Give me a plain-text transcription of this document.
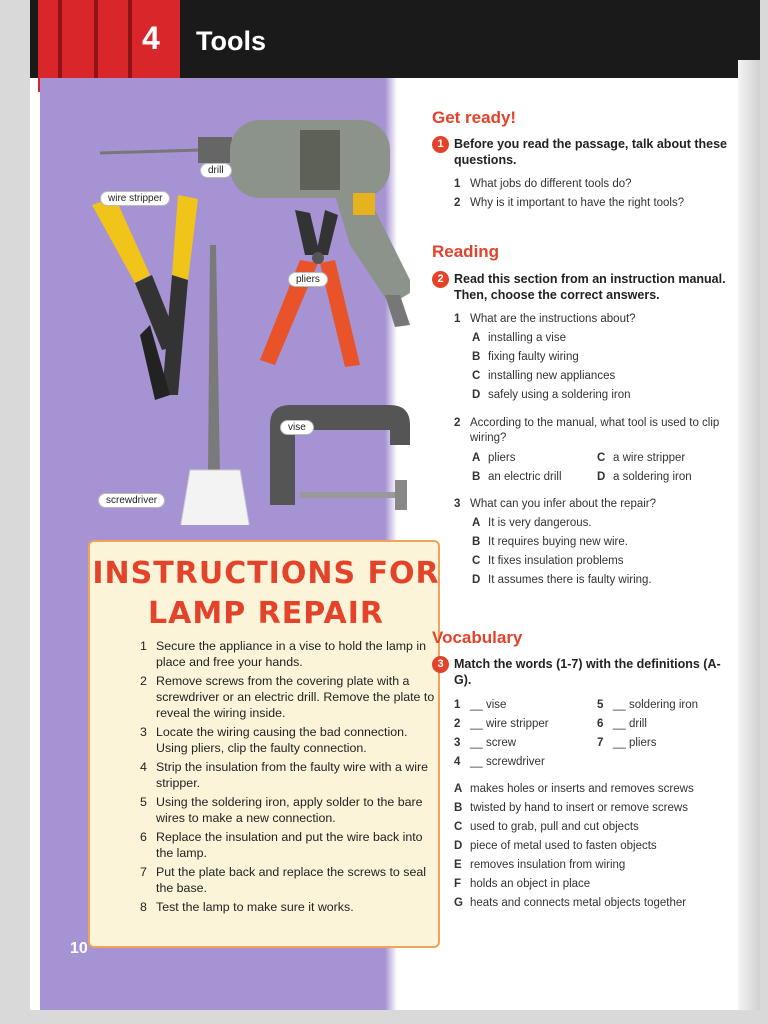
4 Tools
drill
wire stripper
pliers
vise
screwdriver
INSTRUCTIONS FOR
LAMP REPAIR
1 Secure the appliance in a vise to hold the lamp in place and free your hands.
2 Remove screws from the covering plate with a screwdriver or an electric drill. Remove the plate to reveal the wiring inside.
3 Locate the wiring causing the bad connection. Using pliers, clip the faulty connection.
4 Strip the insulation from the faulty wire with a wire stripper.
5 Using the soldering iron, apply solder to the bare wires to make a new connection.
6 Replace the insulation and put the wire back into the lamp.
7 Put the plate back and replace the screws to seal the base.
8 Test the lamp to make sure it works.
10
Get ready!
1 Before you read the passage, talk about these questions.
1 What jobs do different tools do?
2 Why is it important to have the right tools?
Reading
2 Read this section from an instruction manual. Then, choose the correct answers.
1 What are the instructions about?
A installing a vise
B fixing faulty wiring
C installing new appliances
D safely using a soldering iron
2 According to the manual, what tool is used to clip wiring?
A pliers
B an electric drill
C a wire stripper
D a soldering iron
3 What can you infer about the repair?
A It is very dangerous.
B It requires buying new wire.
C It fixes insulation problems
D It assumes there is faulty wiring.
Vocabulary
3 Match the words (1-7) with the definitions (A-G).
1 __ vise
2 __ wire stripper
3 __ screw
4 __ screwdriver
5 __ soldering iron
6 __ drill
7 __ pliers
A makes holes or inserts and removes screws
B twisted by hand to insert or remove screws
C used to grab, pull and cut objects
D piece of metal used to fasten objects
E removes insulation from wiring
F holds an object in place
G heats and connects metal objects together
